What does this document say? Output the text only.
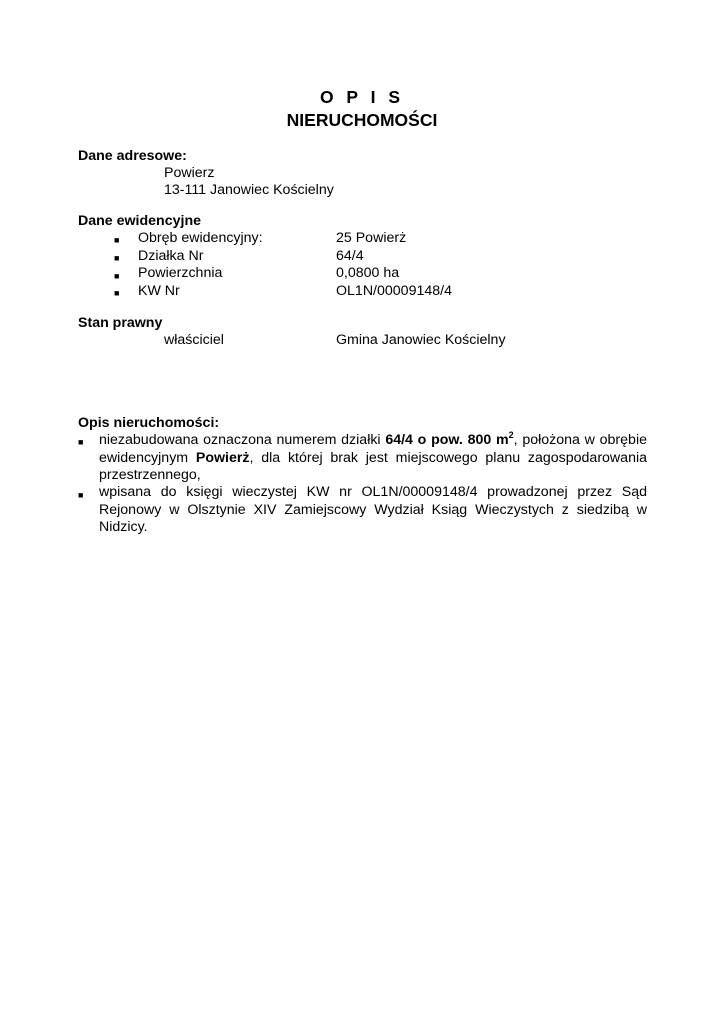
O P I S
NIERUCHOMOŚCI
Dane adresowe:
Powierz
13-111 Janowiec Kościelny
Dane ewidencyjne
■ Obręb ewidencyjny:	25 Powierż
■ Działka Nr	64/4
■ Powierzchnia	0,0800 ha
■ KW Nr	OL1N/00009148/4
Stan prawny
właściciel	Gmina Janowiec Kościelny
Opis nieruchomości:
■ niezabudowana oznaczona numerem działki 64/4 o pow. 800 $m^2$, położona w obrębie ewidencyjnym Powierż, dla której brak jest miejscowego planu zagospodarowania przestrzennego,
■ wpisana do księgi wieczystej KW nr OL1N/00009148/4 prowadzonej przez Sąd Rejonowy w Olsztynie XIV Zamiejscowy Wydział Ksiąg Wieczystych z siedzibą w Nidzicy.
